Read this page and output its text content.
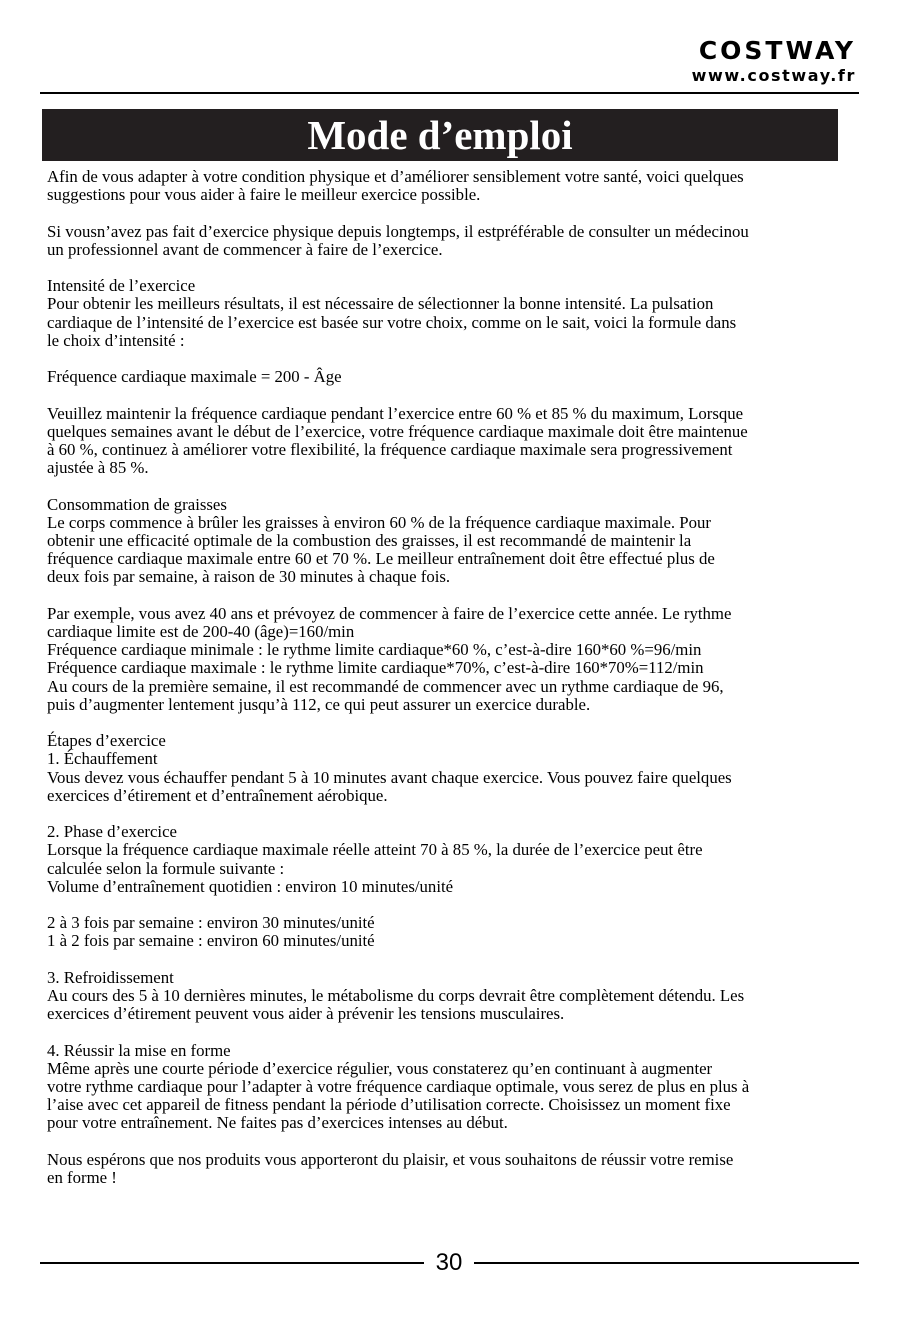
COSTWAY
www.costway.fr
Mode d’emploi

Afin de vous adapter à votre condition physique et d’améliorer sensiblement votre santé, voici quelques
suggestions pour vous aider à faire le meilleur exercice possible.

Si vousn’avez pas fait d’exercice physique depuis longtemps, il estpréférable de consulter un médecinou
un professionnel avant de commencer à faire de l’exercice.

Intensité de l’exercice
Pour obtenir les meilleurs résultats, il est nécessaire de sélectionner la bonne intensité. La pulsation
cardiaque de l’intensité de l’exercice est basée sur votre choix, comme on le sait, voici la formule dans
le choix d’intensité :

Fréquence cardiaque maximale = 200 - Âge

Veuillez maintenir la fréquence cardiaque pendant l’exercice entre 60 % et 85 % du maximum, Lorsque
quelques semaines avant le début de l’exercice, votre fréquence cardiaque maximale doit être maintenue
à 60 %, continuez à améliorer votre flexibilité, la fréquence cardiaque maximale sera progressivement
ajustée à 85 %.

Consommation de graisses
Le corps commence à brûler les graisses à environ 60 % de la fréquence cardiaque maximale. Pour
obtenir une efficacité optimale de la combustion des graisses, il est recommandé de maintenir la
fréquence cardiaque maximale entre 60 et 70 %. Le meilleur entraînement doit être effectué plus de
deux fois par semaine, à raison de 30 minutes à chaque fois.

Par exemple, vous avez 40 ans et prévoyez de commencer à faire de l’exercice cette année. Le rythme
cardiaque limite est de 200-40 (âge)=160/min
Fréquence cardiaque minimale : le rythme limite cardiaque*60 %, c’est-à-dire 160*60 %=96/min
Fréquence cardiaque maximale : le rythme limite cardiaque*70%, c’est-à-dire 160*70%=112/min
Au cours de la première semaine, il est recommandé de commencer avec un rythme cardiaque de 96,
puis d’augmenter lentement jusqu’à 112, ce qui peut assurer un exercice durable.

Étapes d’exercice
1. Échauffement
Vous devez vous échauffer pendant 5 à 10 minutes avant chaque exercice. Vous pouvez faire quelques
exercices d’étirement et d’entraînement aérobique.

2. Phase d’exercice
Lorsque la fréquence cardiaque maximale réelle atteint 70 à 85 %, la durée de l’exercice peut être
calculée selon la formule suivante :
Volume d’entraînement quotidien : environ 10 minutes/unité

2 à 3 fois par semaine : environ 30 minutes/unité
1 à 2 fois par semaine : environ 60 minutes/unité

3. Refroidissement
Au cours des 5 à 10 dernières minutes, le métabolisme du corps devrait être complètement détendu. Les
exercices d’étirement peuvent vous aider à prévenir les tensions musculaires.

4. Réussir la mise en forme
Même après une courte période d’exercice régulier, vous constaterez qu’en continuant à augmenter
votre rythme cardiaque pour l’adapter à votre fréquence cardiaque optimale, vous serez de plus en plus à
l’aise avec cet appareil de fitness pendant la période d’utilisation correcte. Choisissez un moment fixe
pour votre entraînement. Ne faites pas d’exercices intenses au début.

Nous espérons que nos produits vous apporteront du plaisir, et vous souhaitons de réussir votre remise
en forme !

30
